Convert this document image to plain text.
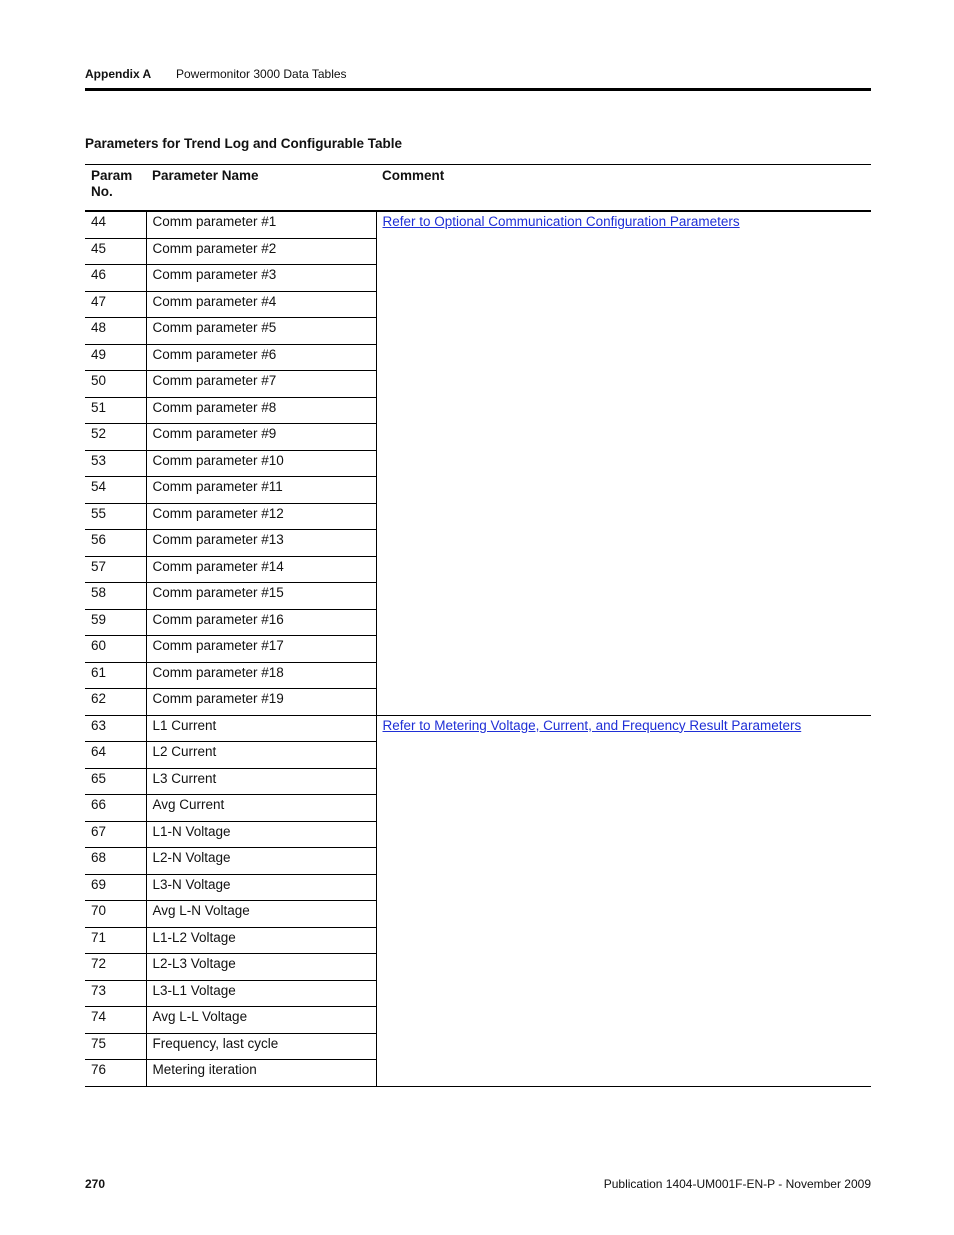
Appendix A Powermonitor 3000 Data Tables
Parameters for Trend Log and Configurable Table
Param
No.	Parameter Name	Comment
44	Comm parameter #1	Refer to Optional Communication Configuration Parameters
45	Comm parameter #2	
46	Comm parameter #3	
47	Comm parameter #4	
48	Comm parameter #5	
49	Comm parameter #6	
50	Comm parameter #7	
51	Comm parameter #8	
52	Comm parameter #9	
53	Comm parameter #10	
54	Comm parameter #11	
55	Comm parameter #12	
56	Comm parameter #13	
57	Comm parameter #14	
58	Comm parameter #15	
59	Comm parameter #16	
60	Comm parameter #17	
61	Comm parameter #18	
62	Comm parameter #19	
63	L1 Current	Refer to Metering Voltage, Current, and Frequency Result Parameters
64	L2 Current	
65	L3 Current	
66	Avg Current	
67	L1-N Voltage	
68	L2-N Voltage	
69	L3-N Voltage	
70	Avg L-N Voltage	
71	L1-L2 Voltage	
72	L2-L3 Voltage	
73	L3-L1 Voltage	
74	Avg L-L Voltage	
75	Frequency, last cycle	
76	Metering iteration	
270	Publication 1404-UM001F-EN-P - November 2009
